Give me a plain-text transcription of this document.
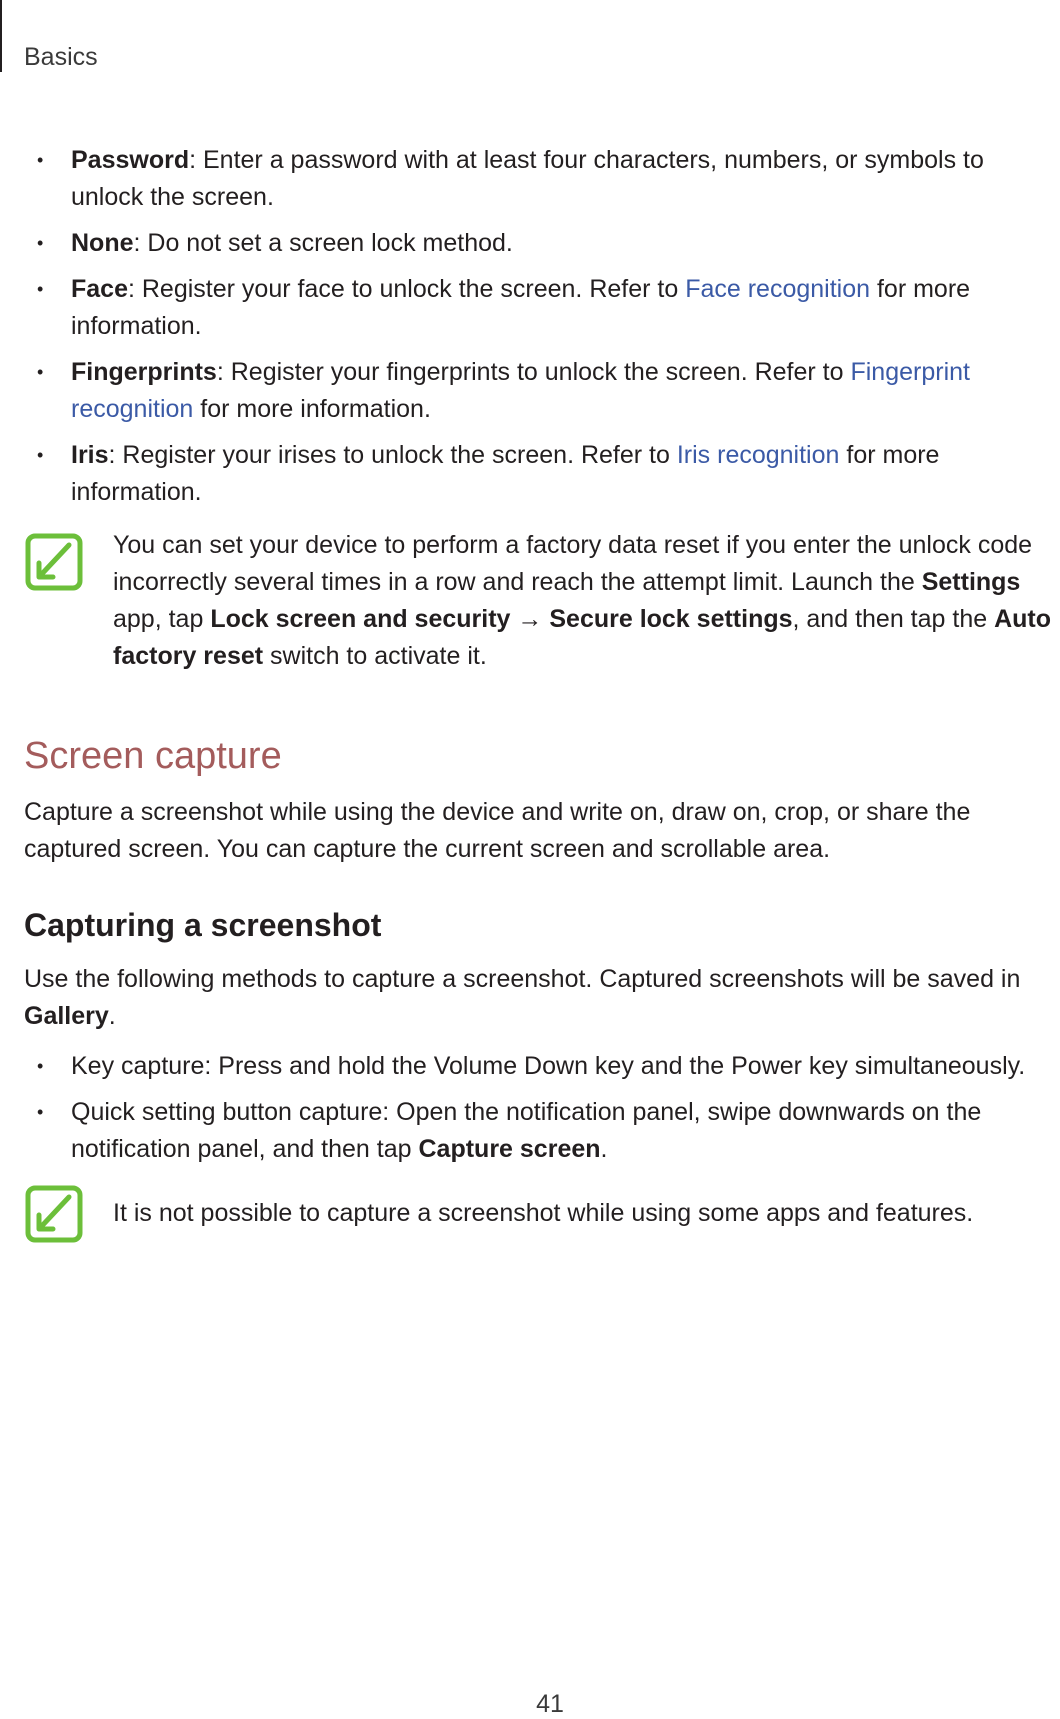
Basics
• Password: Enter a password with at least four characters, numbers, or symbols to unlock the screen.
• None: Do not set a screen lock method.
• Face: Register your face to unlock the screen. Refer to Face recognition for more information.
• Fingerprints: Register your fingerprints to unlock the screen. Refer to Fingerprint recognition for more information.
• Iris: Register your irises to unlock the screen. Refer to Iris recognition for more information.
You can set your device to perform a factory data reset if you enter the unlock code incorrectly several times in a row and reach the attempt limit. Launch the Settings app, tap Lock screen and security → Secure lock settings, and then tap the Auto factory reset switch to activate it.
Screen capture

Capture a screenshot while using the device and write on, draw on, crop, or share the captured screen. You can capture the current screen and scrollable area.

Capturing a screenshot

Use the following methods to capture a screenshot. Captured screenshots will be saved in Gallery.

• Key capture: Press and hold the Volume Down key and the Power key simultaneously.
• Quick setting button capture: Open the notification panel, swipe downwards on the notification panel, and then tap Capture screen.
It is not possible to capture a screenshot while using some apps and features.
41
